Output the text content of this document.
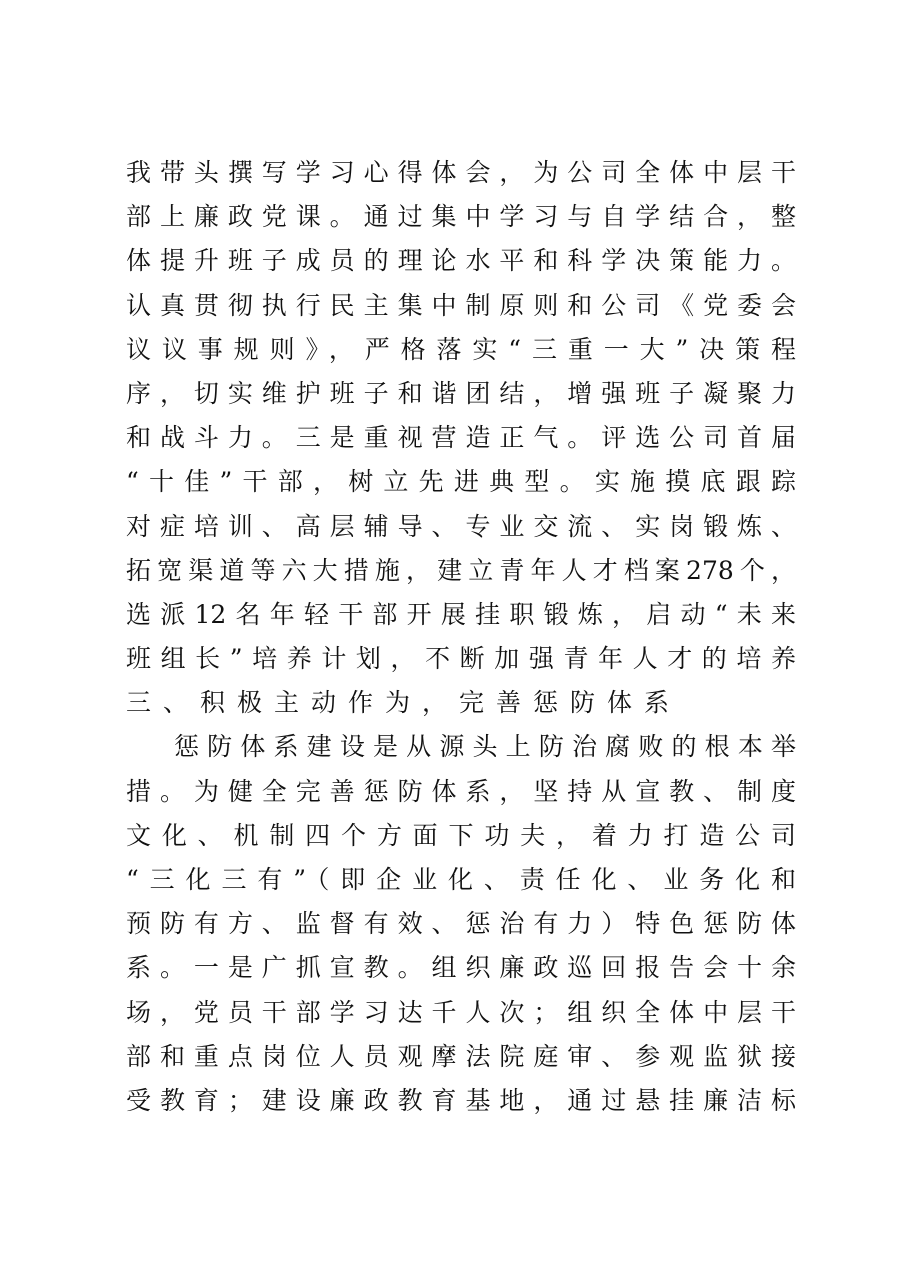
我带头撰写学习心得体会，为公司全体中层干
部上廉政党课。通过集中学习与自学结合，整
体提升班子成员的理论水平和科学决策能力。
认真贯彻执行民主集中制原则和公司《党委会
议议事规则》，严格落实“三重一大”决策程
序，切实维护班子和谐团结，增强班子凝聚力
和战斗力。三是重视营造正气。评选公司首届
“十佳”干部，树立先进典型。实施摸底跟踪
对症培训、高层辅导、专业交流、实岗锻炼、
拓宽渠道等六大措施，建立青年人才档案278个，
选派12名年轻干部开展挂职锻炼，启动“未来
班组长”培养计划，不断加强青年人才的培养
三、积极主动作为，完善惩防体系
惩防体系建设是从源头上防治腐败的根本举
措。为健全完善惩防体系，坚持从宣教、制度
文化、机制四个方面下功夫，着力打造公司
“三化三有”（即企业化、责任化、业务化和
预防有方、监督有效、惩治有力）特色惩防体
系。一是广抓宣教。组织廉政巡回报告会十余
场，党员干部学习达千人次；组织全体中层干
部和重点岗位人员观摩法院庭审、参观监狱接
受教育；建设廉政教育基地，通过悬挂廉洁标
